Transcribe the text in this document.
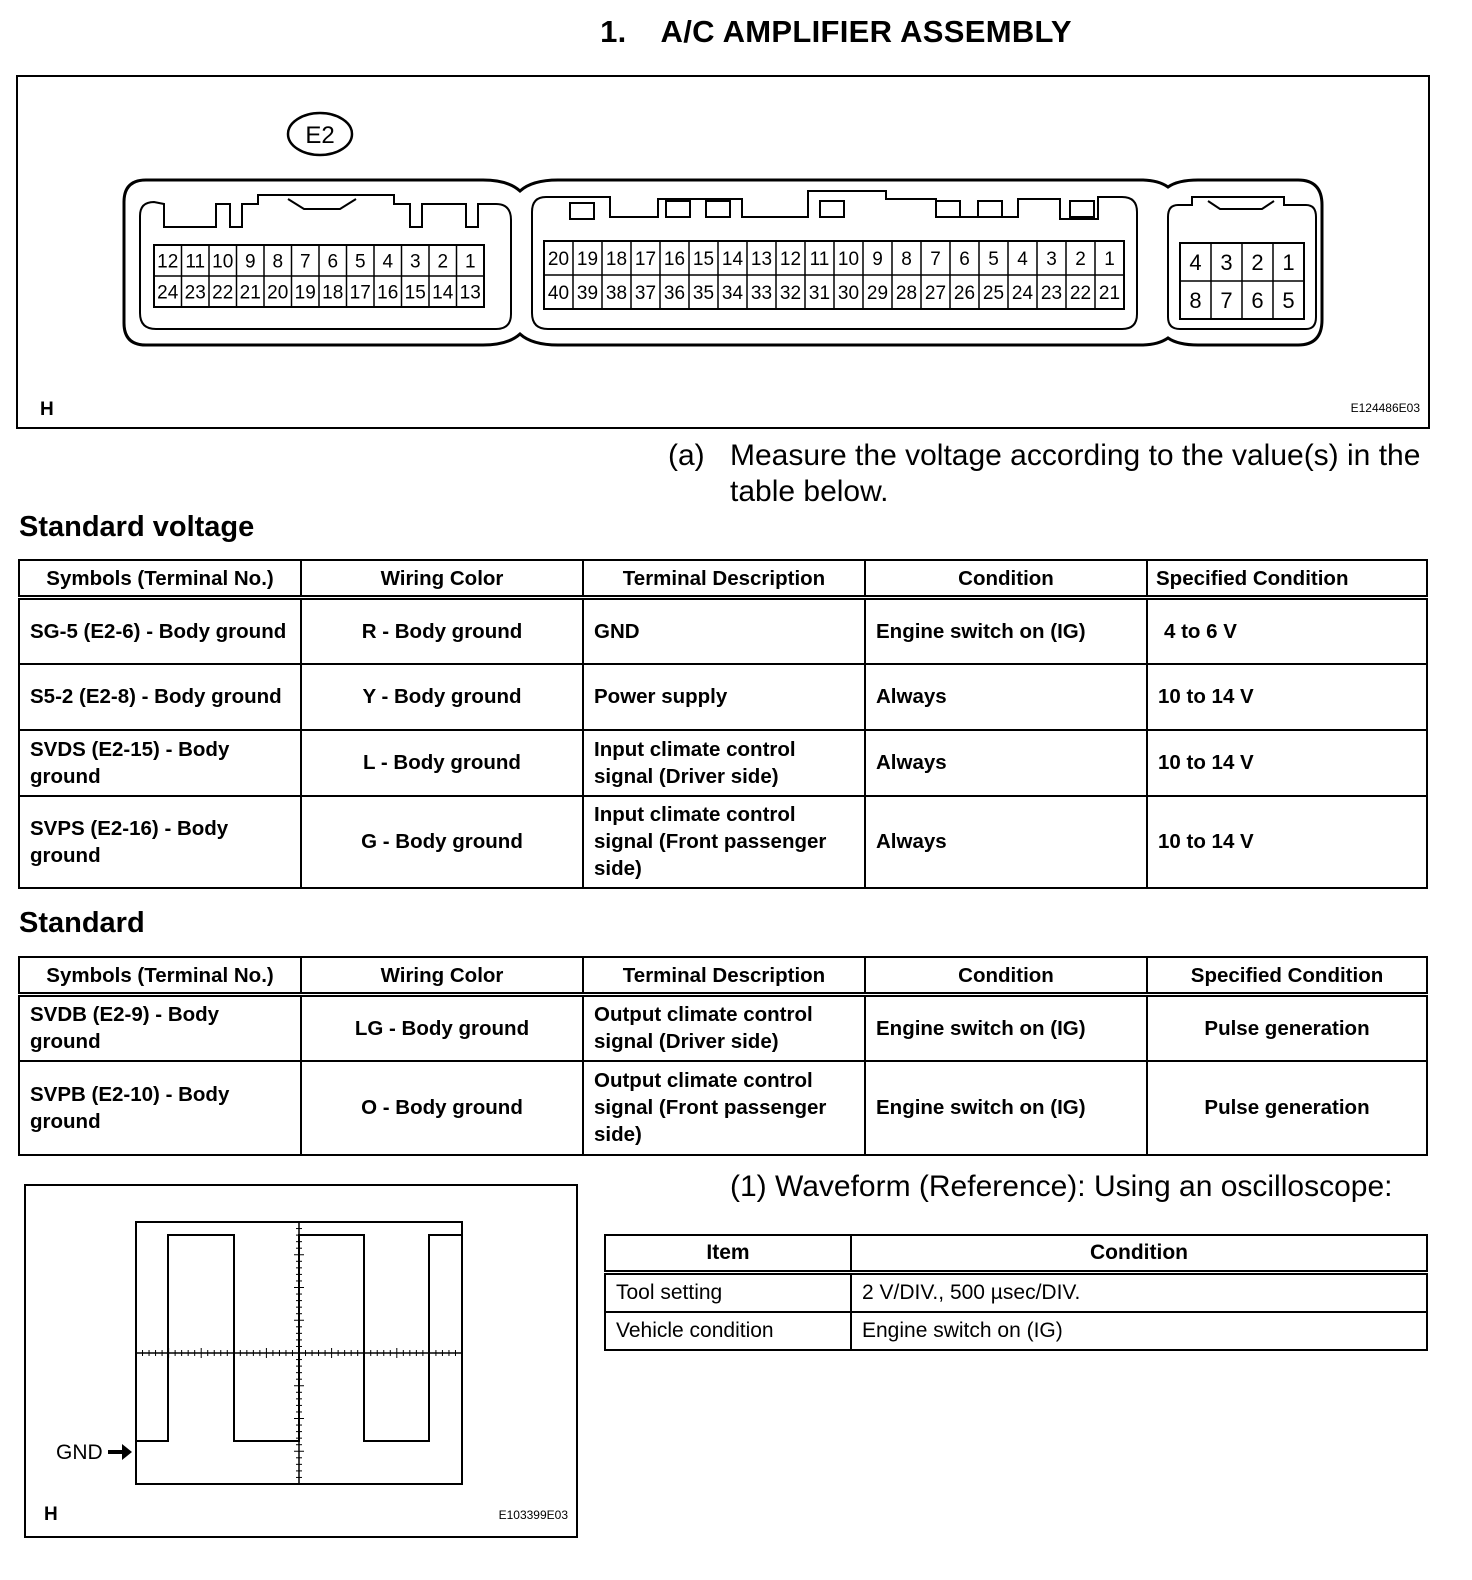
1. A/C AMPLIFIER ASSEMBLY
E2
12 11 10 9 8 7 6 5 4 3 2 1
24 23 22 21 20 19 18 17 16 15 14 13
20 19 18 17 16 15 14 13 12 11 10 9 8 7 6 5 4 3 2 1
40 39 38 37 36 35 34 33 32 31 30 29 28 27 26 25 24 23 22 21
4 3 2 1
8 7 6 5
H	E124486E03
(a) Measure the voltage according to the value(s) in the table below.
Standard voltage
Symbols (Terminal No.)	Wiring Color	Terminal Description	Condition	Specified Condition
SG-5 (E2-6) - Body ground	R - Body ground	GND	Engine switch on (IG)	4 to 6 V
S5-2 (E2-8) - Body ground	Y - Body ground	Power supply	Always	10 to 14 V
SVDS (E2-15) - Body ground	L - Body ground	Input climate control signal (Driver side)	Always	10 to 14 V
SVPS (E2-16) - Body ground	G - Body ground	Input climate control signal (Front passenger side)	Always	10 to 14 V
Standard
Symbols (Terminal No.)	Wiring Color	Terminal Description	Condition	Specified Condition
SVDB (E2-9) - Body ground	LG - Body ground	Output climate control signal (Driver side)	Engine switch on (IG)	Pulse generation
SVPB (E2-10) - Body ground	O - Body ground	Output climate control signal (Front passenger side)	Engine switch on (IG)	Pulse generation
GND
H	E103399E03
(1) Waveform (Reference): Using an oscilloscope:
Item	Condition
Tool setting	2 V/DIV., 500 µsec/DIV.
Vehicle condition	Engine switch on (IG)
